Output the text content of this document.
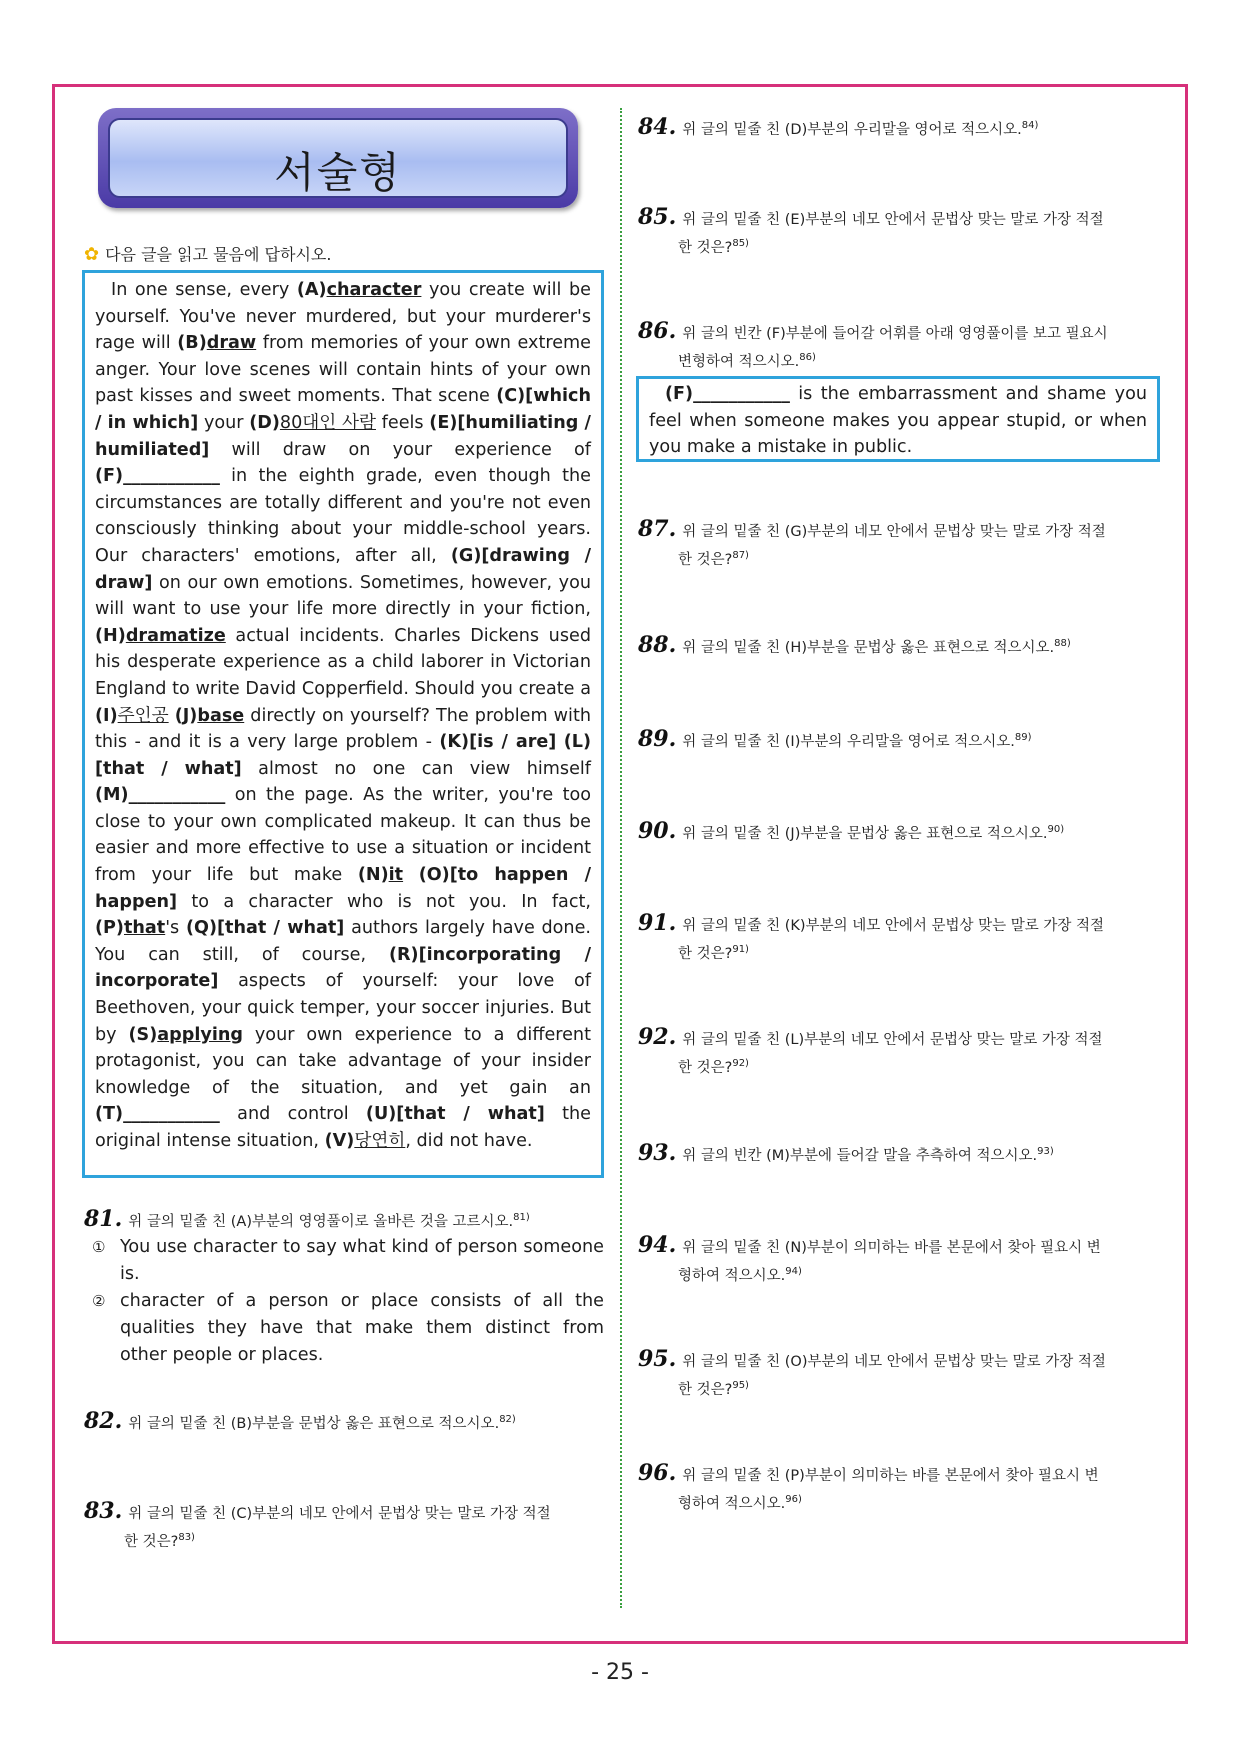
서술형
✿ 다음 글을 읽고 물음에 답하시오.

In one sense, every (A)character you create will be yourself. You've never murdered, but your murderer's rage will (B)draw from memories of your own extreme anger. Your love scenes will contain hints of your own past kisses and sweet moments. That scene (C)[which / in which] your (D)80대인 사람 feels (E)[humiliating / humiliated] will draw on your experience of (F)___________ in the eighth grade, even though the circumstances are totally different and you're not even consciously thinking about your middle-school years. Our characters' emotions, after all, (G)[drawing / draw] on our own emotions. Sometimes, however, you will want to use your life more directly in your fiction, (H)dramatize actual incidents. Charles Dickens used his desperate experience as a child laborer in Victorian England to write David Copperfield. Should you create a (I)주인공 (J)base directly on yourself? The problem with this - and it is a very large problem - (K)[is / are] (L)[that / what] almost no one can view himself (M)___________ on the page. As the writer, you're too close to your own complicated makeup. It can thus be easier and more effective to use a situation or incident from your life but make (N)it (O)[to happen / happen] to a character who is not you. In fact, (P)that's (Q)[that / what] authors largely have done. You can still, of course, (R)[incorporating / incorporate] aspects of yourself: your love of Beethoven, your quick temper, your soccer injuries. But by (S)applying your own experience to a different protagonist, you can take advantage of your insider knowledge of the situation, and yet gain an (T)___________ and control (U)[that / what] the original intense situation, (V)당연히, did not have.

81. 위 글의 밑줄 친 (A)부분의 영영풀이로 올바른 것을 고르시오.$^{81)}$
① You use character to say what kind of person someone is.
② character of a person or place consists of all the qualities they have that make them distinct from other people or places.
82. 위 글의 밑줄 친 (B)부분을 문법상 옳은 표현으로 적으시오.$^{82)}$
83. 위 글의 밑줄 친 (C)부분의 네모 안에서 문법상 맞는 말로 가장 적절
한 것은?$^{83)}$
84. 위 글의 밑줄 친 (D)부분의 우리말을 영어로 적으시오.$^{84)}$
85. 위 글의 밑줄 친 (E)부분의 네모 안에서 문법상 맞는 말로 가장 적절
한 것은?$^{85)}$
86. 위 글의 빈칸 (F)부분에 들어갈 어휘를 아래 영영풀이를 보고 필요시
변형하여 적으시오.$^{86)}$

(F)___________ is the embarrassment and shame you feel when someone makes you appear stupid, or when you make a mistake in public.

87. 위 글의 밑줄 친 (G)부분의 네모 안에서 문법상 맞는 말로 가장 적절
한 것은?$^{87)}$
88. 위 글의 밑줄 친 (H)부분을 문법상 옳은 표현으로 적으시오.$^{88)}$
89. 위 글의 밑줄 친 (I)부분의 우리말을 영어로 적으시오.$^{89)}$
90. 위 글의 밑줄 친 (J)부분을 문법상 옳은 표현으로 적으시오.$^{90)}$
91. 위 글의 밑줄 친 (K)부분의 네모 안에서 문법상 맞는 말로 가장 적절
한 것은?$^{91)}$
92. 위 글의 밑줄 친 (L)부분의 네모 안에서 문법상 맞는 말로 가장 적절
한 것은?$^{92)}$
93. 위 글의 빈칸 (M)부분에 들어갈 말을 추측하여 적으시오.$^{93)}$
94. 위 글의 밑줄 친 (N)부분이 의미하는 바를 본문에서 찾아 필요시 변
형하여 적으시오.$^{94)}$
95. 위 글의 밑줄 친 (O)부분의 네모 안에서 문법상 맞는 말로 가장 적절
한 것은?$^{95)}$
96. 위 글의 밑줄 친 (P)부분이 의미하는 바를 본문에서 찾아 필요시 변
형하여 적으시오.$^{96)}$
- 25 -
